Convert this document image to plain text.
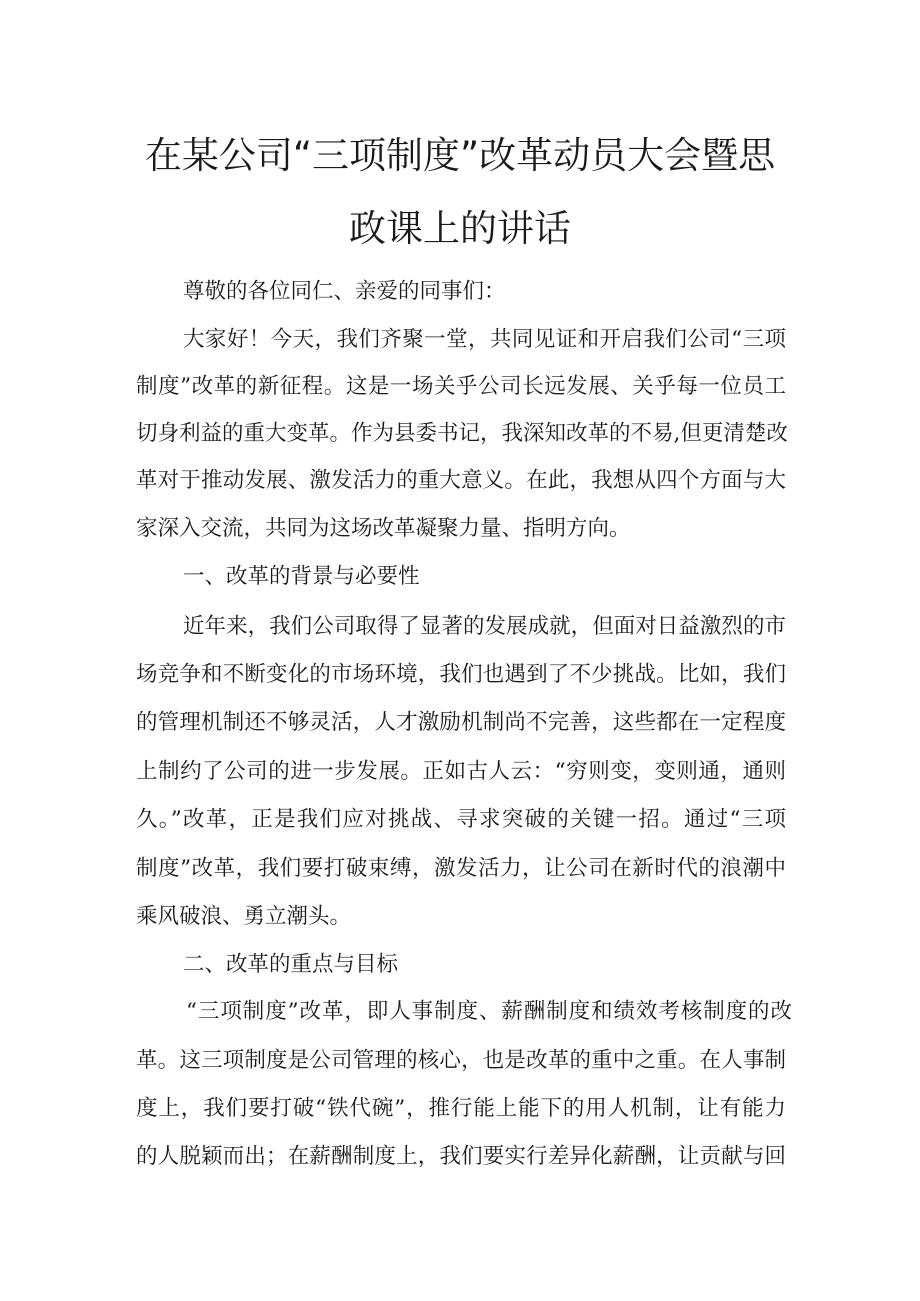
在某公司“三项制度”改革动员大会暨思
政课上的讲话

尊敬的各位同仁、亲爱的同事们：

大家好！今天，我们齐聚一堂，共同见证和开启我们公司“三项

制度”改革的新征程。这是一场关乎公司长远发展、关乎每一位员工

切身利益的重大变革。作为县委书记，我深知改革的不易,但更清楚改

革对于推动发展、激发活力的重大意义。在此，我想从四个方面与大

家深入交流，共同为这场改革凝聚力量、指明方向。

一、改革的背景与必要性

近年来，我们公司取得了显著的发展成就，但面对日益激烈的市

场竞争和不断变化的市场环境，我们也遇到了不少挑战。比如，我们

的管理机制还不够灵活，人才激励机制尚不完善，这些都在一定程度

上制约了公司的进一步发展。正如古人云：“穷则变，变则通，通则

久。”改革，正是我们应对挑战、寻求突破的关键一招。通过“三项

制度”改革，我们要打破束缚，激发活力，让公司在新时代的浪潮中

乘风破浪、勇立潮头。

二、改革的重点与目标

“三项制度”改革，即人事制度、薪酬制度和绩效考核制度的改

革。这三项制度是公司管理的核心，也是改革的重中之重。在人事制

度上，我们要打破“铁代碗”，推行能上能下的用人机制，让有能力

的人脱颖而出；在薪酬制度上，我们要实行差异化薪酬，让贡献与回
